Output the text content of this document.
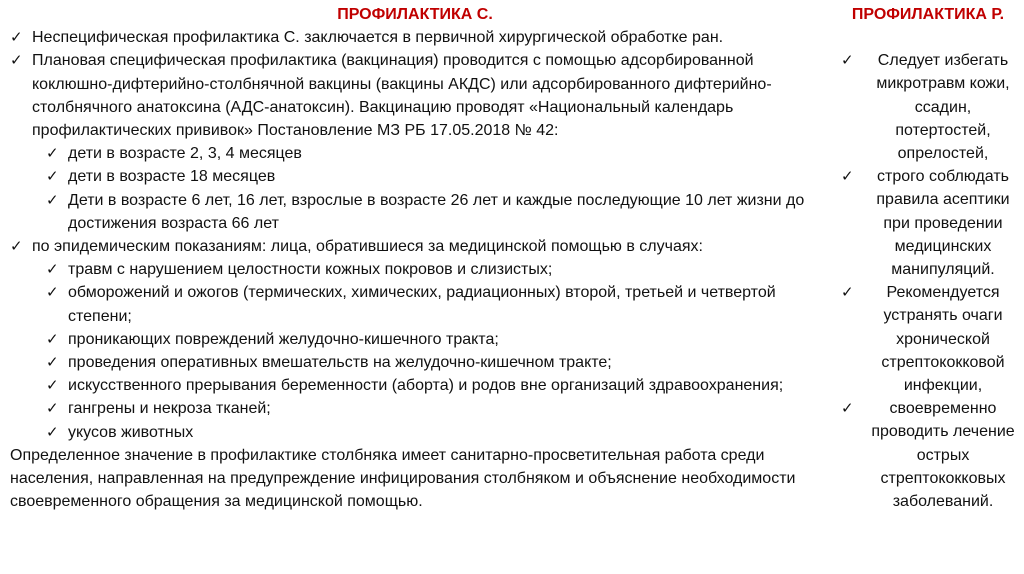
ПРОФИЛАКТИКА С.
✓ Неспецифическая профилактика С. заключается в первичной хирургической обработке ран.
✓ Плановая специфическая профилактика (вакцинация) проводится с помощью адсорбированной коклюшно-дифтерийно-столбнячной вакцины (вакцины АКДС) или адсорбированного дифтерийно-столбнячного анатоксина (АДС-анатоксин). Вакцинацию проводят «Национальный календарь профилактических прививок» Постановление МЗ РБ 17.05.2018 № 42:
✓ дети в возрасте 2, 3, 4 месяцев
✓ дети в возрасте 18 месяцев
✓ Дети в возрасте 6 лет, 16 лет, взрослые в возрасте 26 лет и каждые последующие 10 лет жизни до достижения возраста 66 лет
✓ по эпидемическим показаниям: лица, обратившиеся за медицинской помощью в случаях:
✓ травм с нарушением целостности кожных покровов и слизистых;
✓ обморожений и ожогов (термических, химических, радиационных) второй, третьей и четвертой степени;
✓ проникающих повреждений желудочно-кишечного тракта;
✓ проведения оперативных вмешательств на желудочно-кишечном тракте;
✓ искусственного прерывания беременности (аборта) и родов вне организаций здравоохранения;
✓ гангрены и некроза тканей;
✓ укусов животных
Определенное значение в профилактике столбняка имеет санитарно-просветительная работа среди населения, направленная на предупреждение инфицирования столбняком и объяснение необходимости своевременного обращения за медицинской помощью.
ПРОФИЛАКТИКА Р.
✓ Следует избегать микротравм кожи, ссадин, потертостей, опрелостей,
✓ строго соблюдать правила асептики при проведении медицинских манипуляций.
✓ Рекомендуется устранять очаги хронической стрептококковой инфекции,
✓ своевременно проводить лечение острых стрептококковых заболеваний.
